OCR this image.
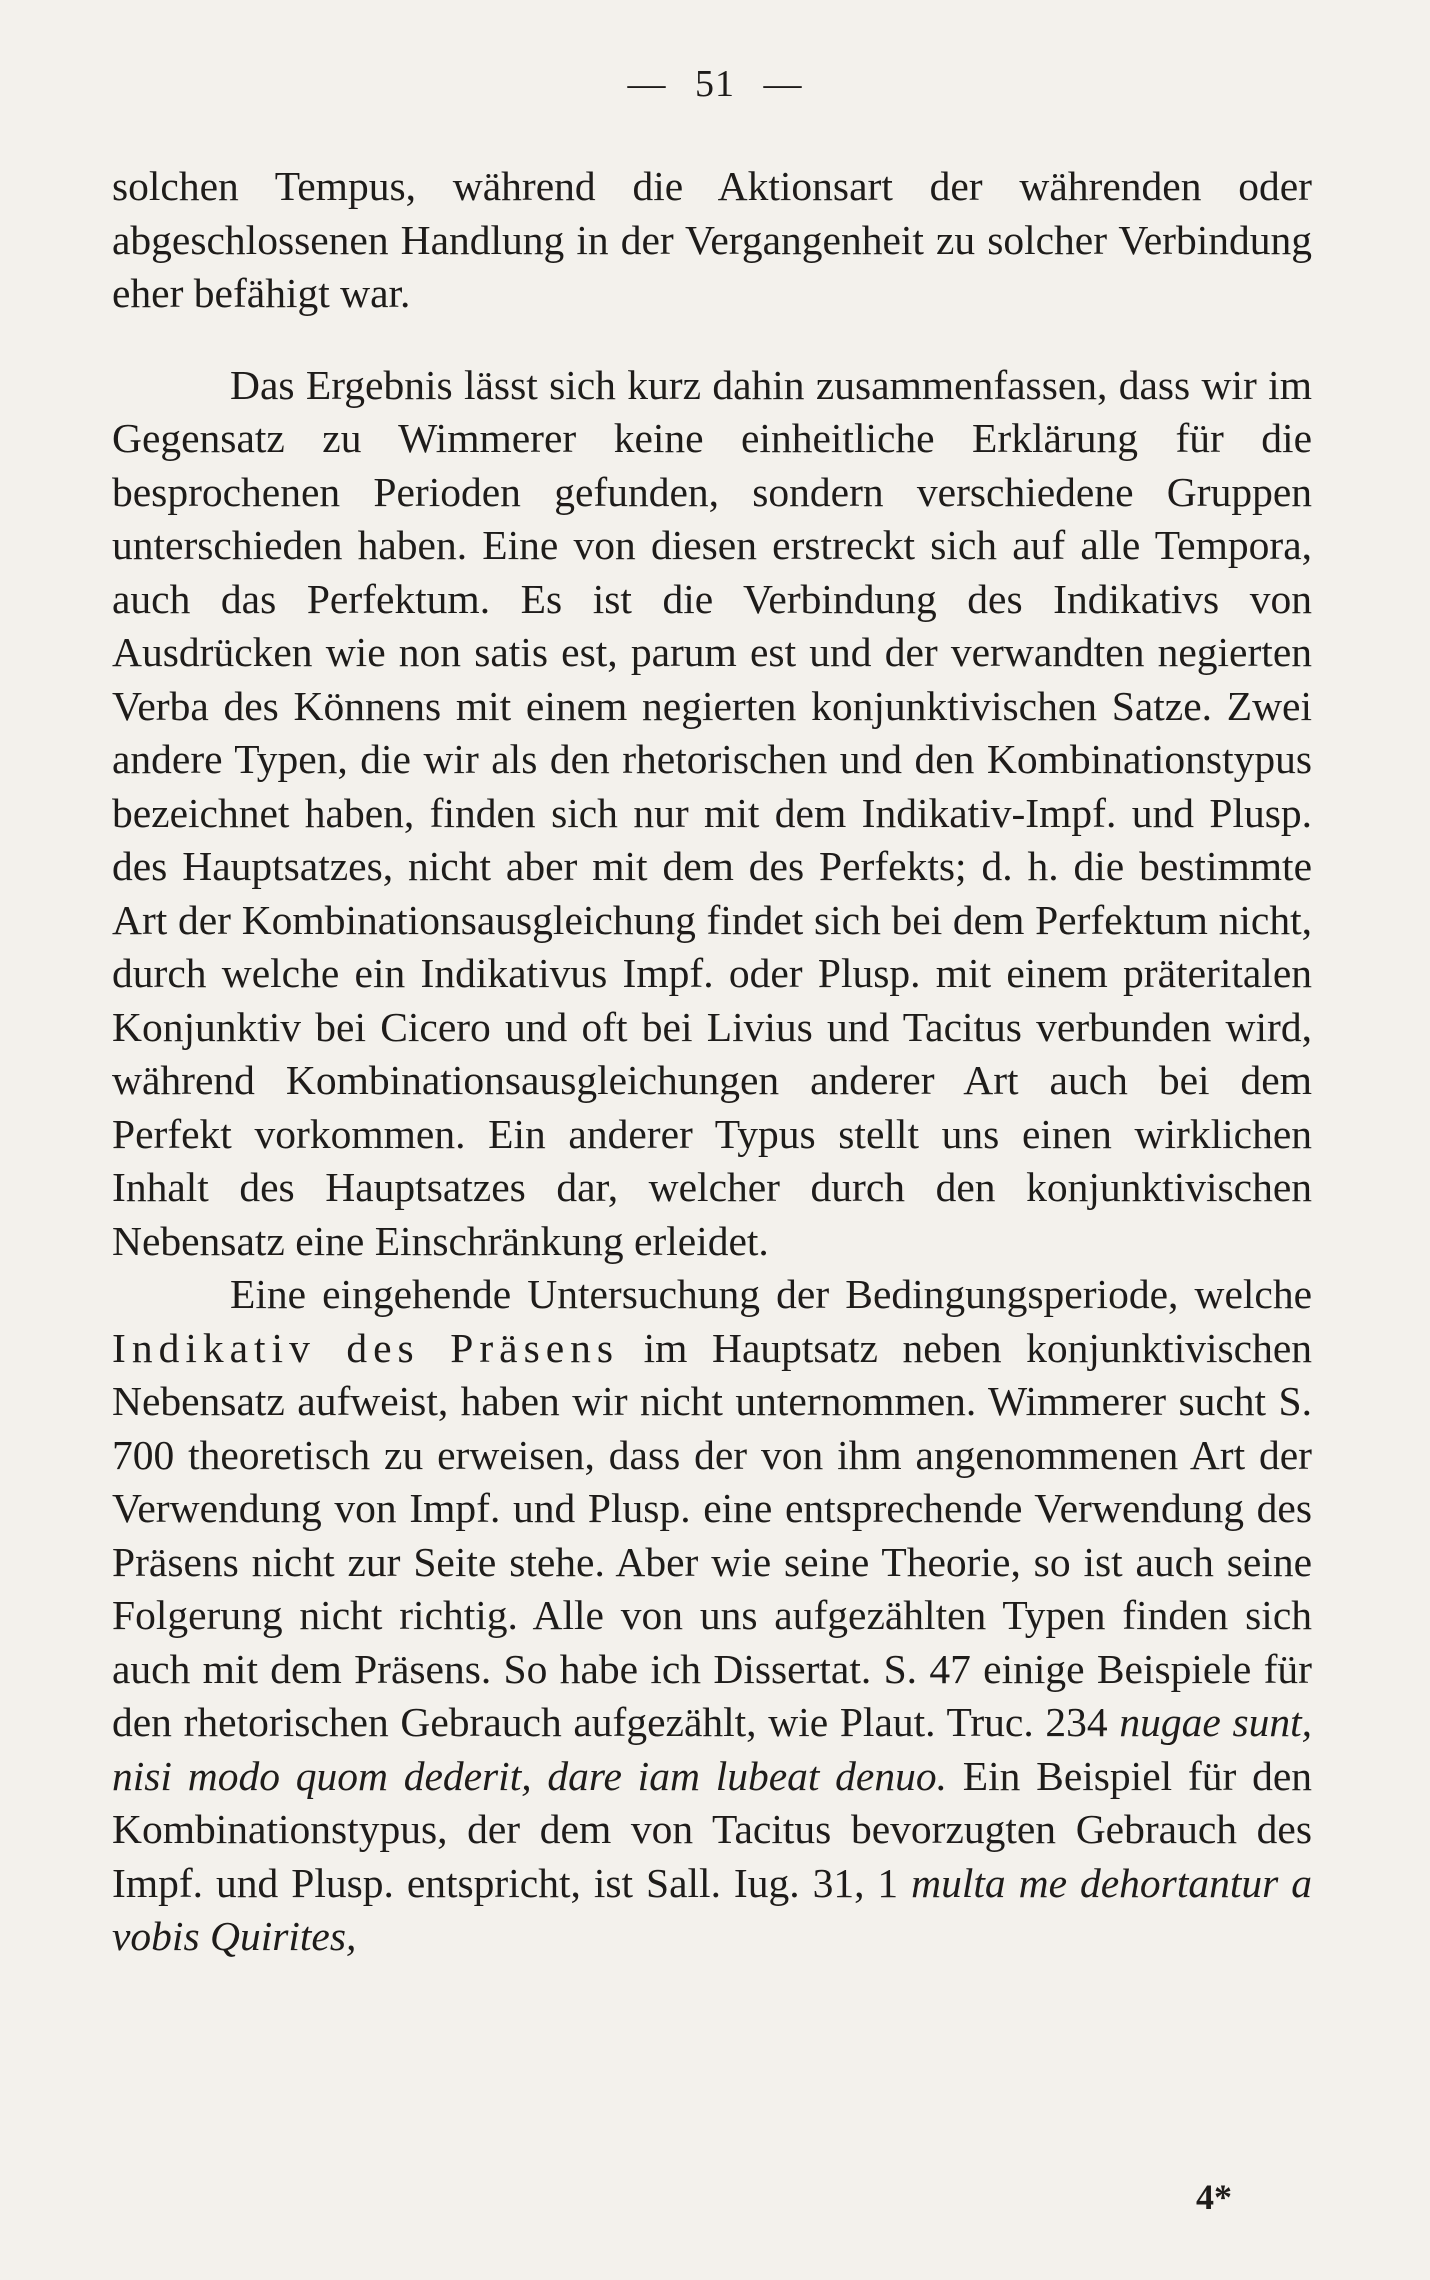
— 51 —

solchen Tempus, während die Aktionsart der währenden oder abgeschlossenen Handlung in der Vergangenheit zu solcher Verbindung eher befähigt war.

Das Ergebnis lässt sich kurz dahin zusammenfassen, dass wir im Gegensatz zu Wimmerer keine einheitliche Erklärung für die besprochenen Perioden gefunden, sondern verschiedene Gruppen unterschieden haben. Eine von diesen erstreckt sich auf alle Tempora, auch das Perfektum. Es ist die Verbindung des Indikativs von Ausdrücken wie non satis est, parum est und der verwandten negierten Verba des Könnens mit einem negierten konjunktivischen Satze. Zwei andere Typen, die wir als den rhetorischen und den Kombinationstypus bezeichnet haben, finden sich nur mit dem Indikativ-Impf. und Plusp. des Hauptsatzes, nicht aber mit dem des Perfekts; d. h. die bestimmte Art der Kombinationsausgleichung findet sich bei dem Perfektum nicht, durch welche ein Indikativus Impf. oder Plusp. mit einem präteritalen Konjunktiv bei Cicero und oft bei Livius und Tacitus verbunden wird, während Kombinationsausgleichungen anderer Art auch bei dem Perfekt vorkommen. Ein anderer Typus stellt uns einen wirklichen Inhalt des Hauptsatzes dar, welcher durch den konjunktivischen Nebensatz eine Einschränkung erleidet.

Eine eingehende Untersuchung der Bedingungsperiode, welche Indikativ des Präsens im Hauptsatz neben konjunktivischen Nebensatz aufweist, haben wir nicht unternommen. Wimmerer sucht S. 700 theoretisch zu erweisen, dass der von ihm angenommenen Art der Verwendung von Impf. und Plusp. eine entsprechende Verwendung des Präsens nicht zur Seite stehe. Aber wie seine Theorie, so ist auch seine Folgerung nicht richtig. Alle von uns aufgezählten Typen finden sich auch mit dem Präsens. So habe ich Dissertat. S. 47 einige Beispiele für den rhetorischen Gebrauch aufgezählt, wie Plaut. Truc. 234 nugae sunt, nisi modo quom dederit, dare iam lubeat denuo. Ein Beispiel für den Kombinationstypus, der dem von Tacitus bevorzugten Gebrauch des Impf. und Plusp. entspricht, ist Sall. Iug. 31, 1 multa me dehortantur a vobis Quirites,

4*
